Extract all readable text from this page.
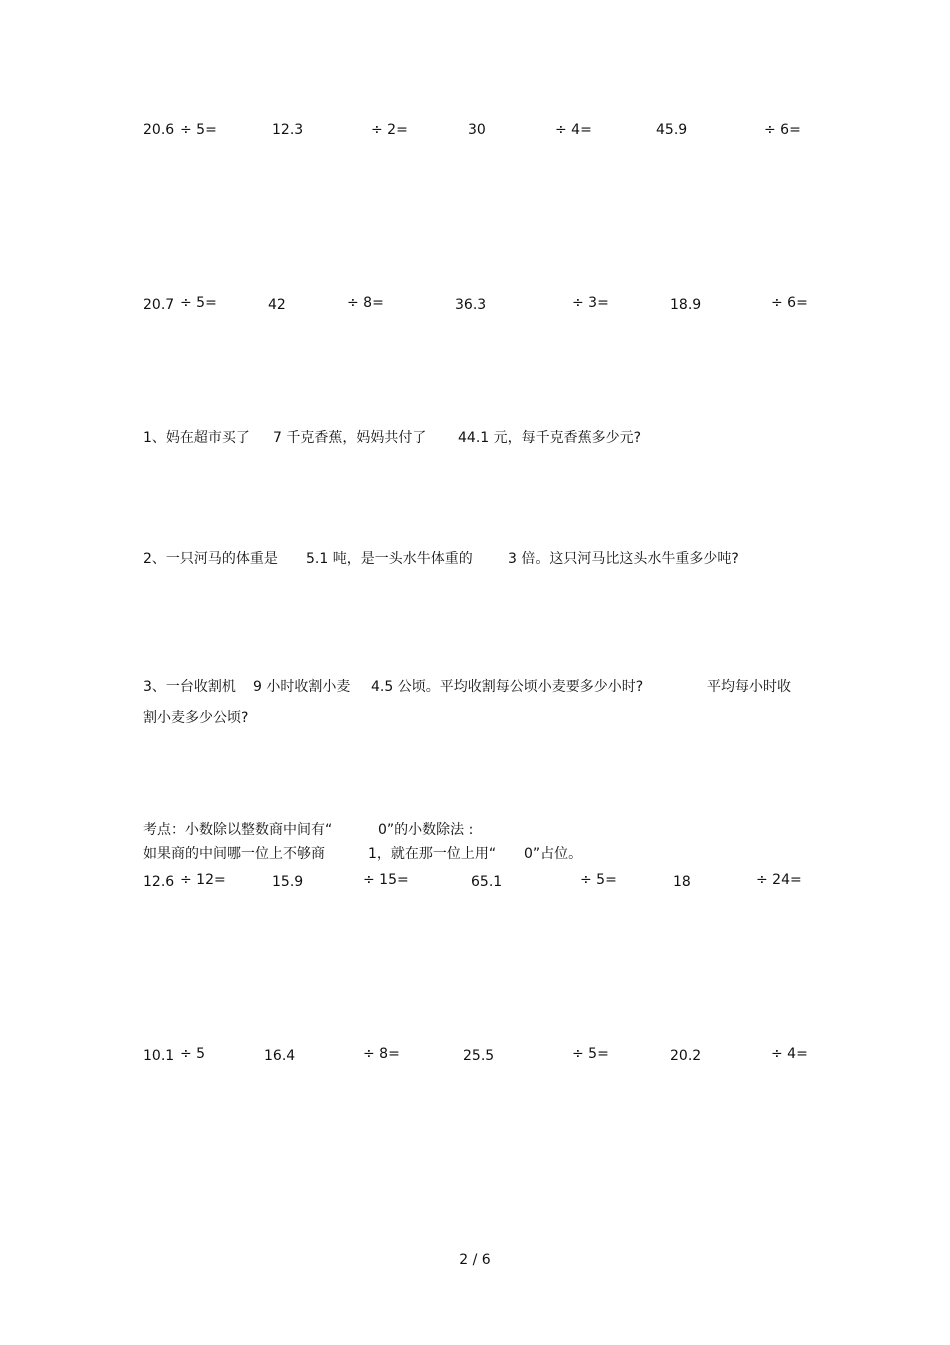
20.6 ÷ 5=	12.3	÷ 2=	30	÷ 4=	45.9	÷ 6=
20.7 ÷ 5=	42	÷ 8=	36.3	÷ 3=	18.9	÷ 6=
1、妈在超市买了 7 千克香蕉，妈妈共付了 44.1 元，每千克香蕉多少元?
2、一只河马的体重是 5.1 吨，是一头水牛体重的	3 倍。这只河马比这头水牛重多少吨?
3、一台收割机 9 小时收割小麦 4.5 公顷。平均收割每公顷小麦要多少小时?	平均每小时收
割小麦多少公顷?
考点：小数除以整数商中间有“	0”的小数除法 :
如果商的中间哪一位上不够商	1，就在那一位上用“ 0”占位。
12.6 ÷ 12=	15.9	÷ 15=	65.1	÷ 5=	18	÷ 24=
10.1 ÷ 5	16.4	÷ 8=	25.5	÷ 5=	20.2	÷ 4=
2 / 6
